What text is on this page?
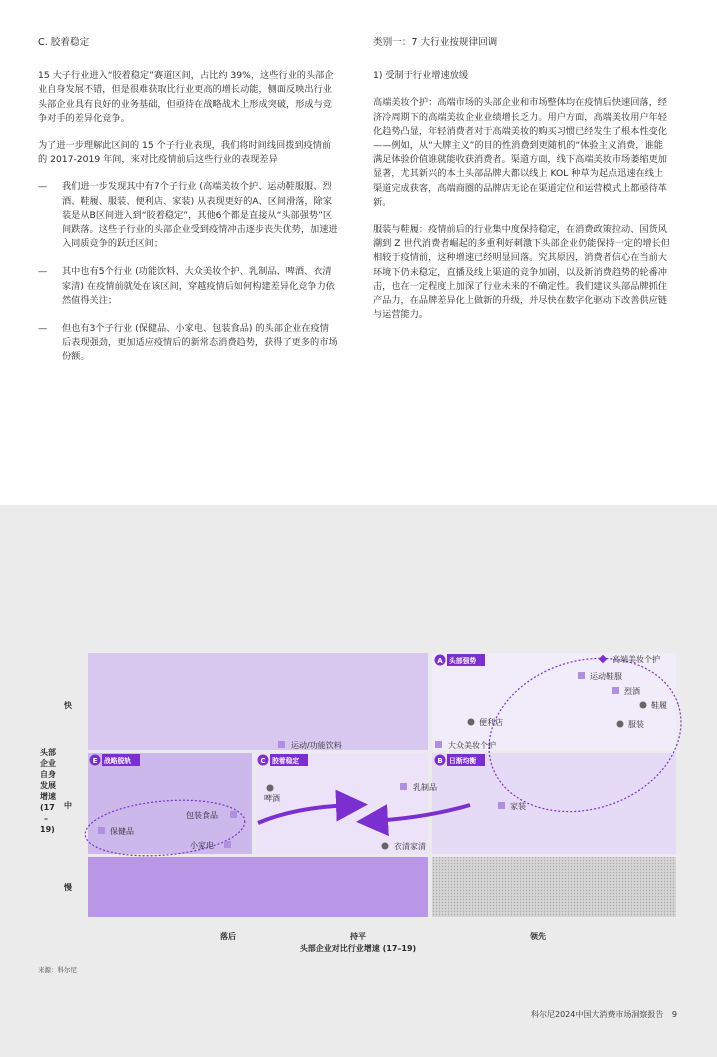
C. 胶着稳定

15 大子行业进入“胶着稳定”赛道区间，占比约 39%，这些行业的头部企业自身发展不错，但是很难获取比行业更高的增长动能，侧面反映出行业头部企业具有良好的业务基础，但亟待在战略战术上形成突破，形成与竞争对手的差异化竞争。

为了进一步理解此区间的 15 个子行业表现，我们将时间线回拨到疫情前的 2017-2019 年间，来对比疫情前后这些行业的表现差异

— 我们进一步发现其中有7个子行业 (高端美妆个护、运动鞋服服、烈酒、鞋履、服装、便利店、家装) 从表现更好的A、区间滑落，除家装是从B区间进入到“胶着稳定”，其他6个都是直接从“头部强势”区间跌落。这些子行业的头部企业受到疫情冲击逐步丧失优势，加速进入同质竞争的跃迁区间；
— 其中也有5个行业 (功能饮料、大众美妆个护、乳制品、啤酒、衣清家清) 在疫情前就处在该区间，穿越疫情后如何构建差异化竞争力依然值得关注；
— 但也有3个子行业 (保健品、小家电、包装食品) 的头部企业在疫情后表现强劲，更加适应疫情后的新常态消费趋势，获得了更多的市场份额。
类别一：7 大行业按规律回调
1) 受制于行业增速放缓

高端美妆个护：高端市场的头部企业和市场整体均在疫情后快速回落，经济冷周期下的高端美妆企业业绩增长乏力。用户方面，高端美妆用户年轻化趋势凸显，年轻消费者对于高端美妆的购买习惯已经发生了根本性变化——例如，从“大牌主义”的目的性消费到更随机的“体验主义消费，谁能满足体验价值谁就能收获消费者。渠道方面，线下高端美妆市场萎缩更加显著，尤其新兴的本土头部品牌大都以线上 KOL 种草为起点迅速在线上渠道完成获客，高端商圈的品牌店无论在渠道定位和运营模式上都亟待革新。

服装与鞋履：疫情前后的行业集中度保持稳定，在消费政策拉动、国货风潮到 Z 世代消费者崛起的多重利好刺激下头部企业仍能保持一定的增长但相较于疫情前，这种增速已经明显回落。究其原因，消费者信心在当前大环境下仍未稳定，直播及线上渠道的竞争加剧，以及新消费趋势的轮番冲击，也在一定程度上加深了行业未来的不确定性。我们建议头部品牌抓住产品力，在品牌差异化上做新的升级，并尽快在数字化驱动下改善供应链与运营能力。

A 头部强势
E 战略脱轨	C 胶着稳定	B 日渐均衡
高端美妆个护
运动鞋服
烈酒
鞋履
便利店	服装
运动/功能饮料	大众美妆个护
啤酒
乳制品
衣清家清
家装
包装食品
保健品
小家电
头部
企业
自身
发展
增速
(17
–
19)
快
中
慢
落后	持平	领先
头部企业对比行业增速 (17–19)
来源：科尔尼
科尔尼2024中国大消费市场洞察报告 9
